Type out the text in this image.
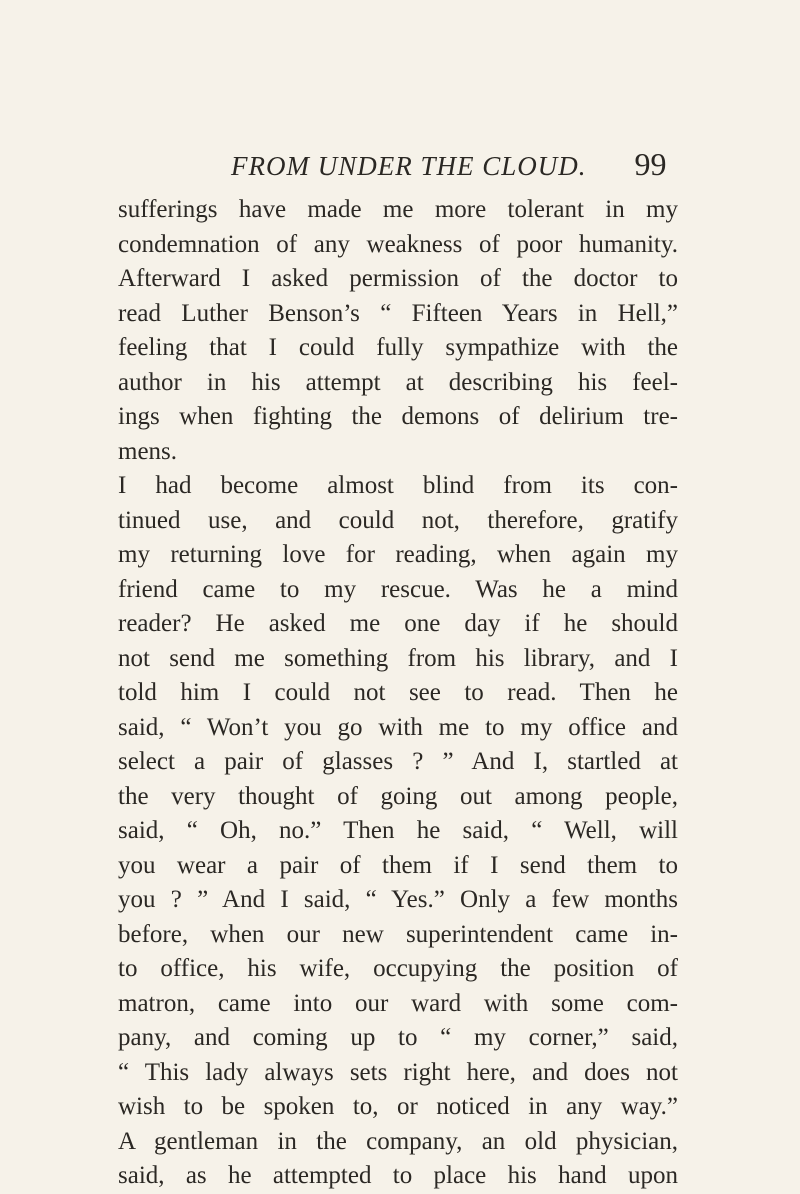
FROM UNDER THE CLOUD. 99
sufferings have made me more tolerant in my
condemnation of any weakness of poor humanity.
Afterward I asked permission of the doctor to
read Luther Benson’s “ Fifteen Years in Hell,”
feeling that I could fully sympathize with the
author in his attempt at describing his feel-
ings when fighting the demons of delirium tre-
mens.
I had become almost blind from its con-
tinued use, and could not, therefore, gratify
my returning love for reading, when again my
friend came to my rescue. Was he a mind
reader? He asked me one day if he should
not send me something from his library, and I
told him I could not see to read. Then he
said, “ Won’t you go with me to my office and
select a pair of glasses ? ” And I, startled at
the very thought of going out among people,
said, “ Oh, no.” Then he said, “ Well, will
you wear a pair of them if I send them to
you ? ” And I said, “ Yes.” Only a few months
before, when our new superintendent came in-
to office, his wife, occupying the position of
matron, came into our ward with some com-
pany, and coming up to “ my corner,” said,
“ This lady always sets right here, and does not
wish to be spoken to, or noticed in any way.”
A gentleman in the company, an old physician,
said, as he attempted to place his hand upon
